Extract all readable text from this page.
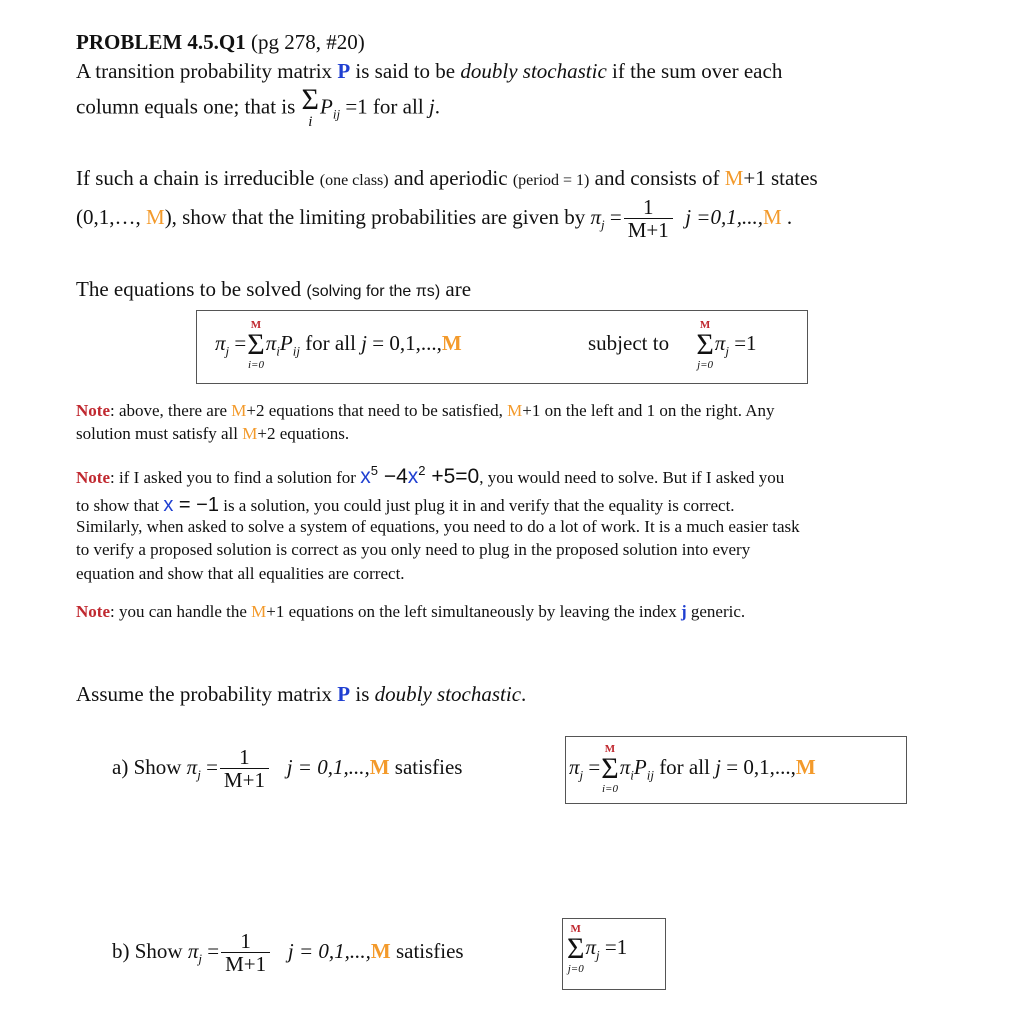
PROBLEM 4.5.Q1 (pg 278, #20)
A transition probability matrix P is said to be doubly stochastic if the sum over each
column equals one; that is Σ
i
$P_{ij} =1$ for all j.
If such a chain is irreducible (one class) and aperiodic (period = 1) and consists of M+1 states
(0,1,…, M), show that the limiting probabilities are given by $\pi_j = \frac{1}{M+1}$ j =0,1,...,M .
The equations to be solved (solving for the πs) are
$\pi_j$ =
M
Σ
i=0
$\pi_iP_{ij}$ for all j = 0,1,...,M	subject to
M
Σ
j=0
$\pi_j =1$
Note: above, there are M+2 equations that need to be satisfied, M+1 on the left and 1 on the right. Any
solution must satisfy all M+2 equations.
Note: if I asked you to find a solution for $x^5 -4x^2 +5=0$, you would need to solve. But if I asked you
to show that x = −1 is a solution, you could just plug it in and verify that the equality is correct.
Similarly, when asked to solve a system of equations, you need to do a lot of work. It is a much easier task
to verify a proposed solution is correct as you only need to plug in the proposed solution into every
equation and show that all equalities are correct.
Note: you can handle the M+1 equations on the left simultaneously by leaving the index j generic.
Assume the probability matrix P is doubly stochastic.
a) Show $\pi_j = \frac{1}{M+1}$ j = 0,1,...,M satisfies	$\pi_j$ =
M
Σ
i=0
$\pi_iP_{ij}$ for all j = 0,1,...,M
b) Show $\pi_j = \frac{1}{M+1}$ j = 0,1,...,M satisfies
M
Σ
j=0
$\pi_j =1$
